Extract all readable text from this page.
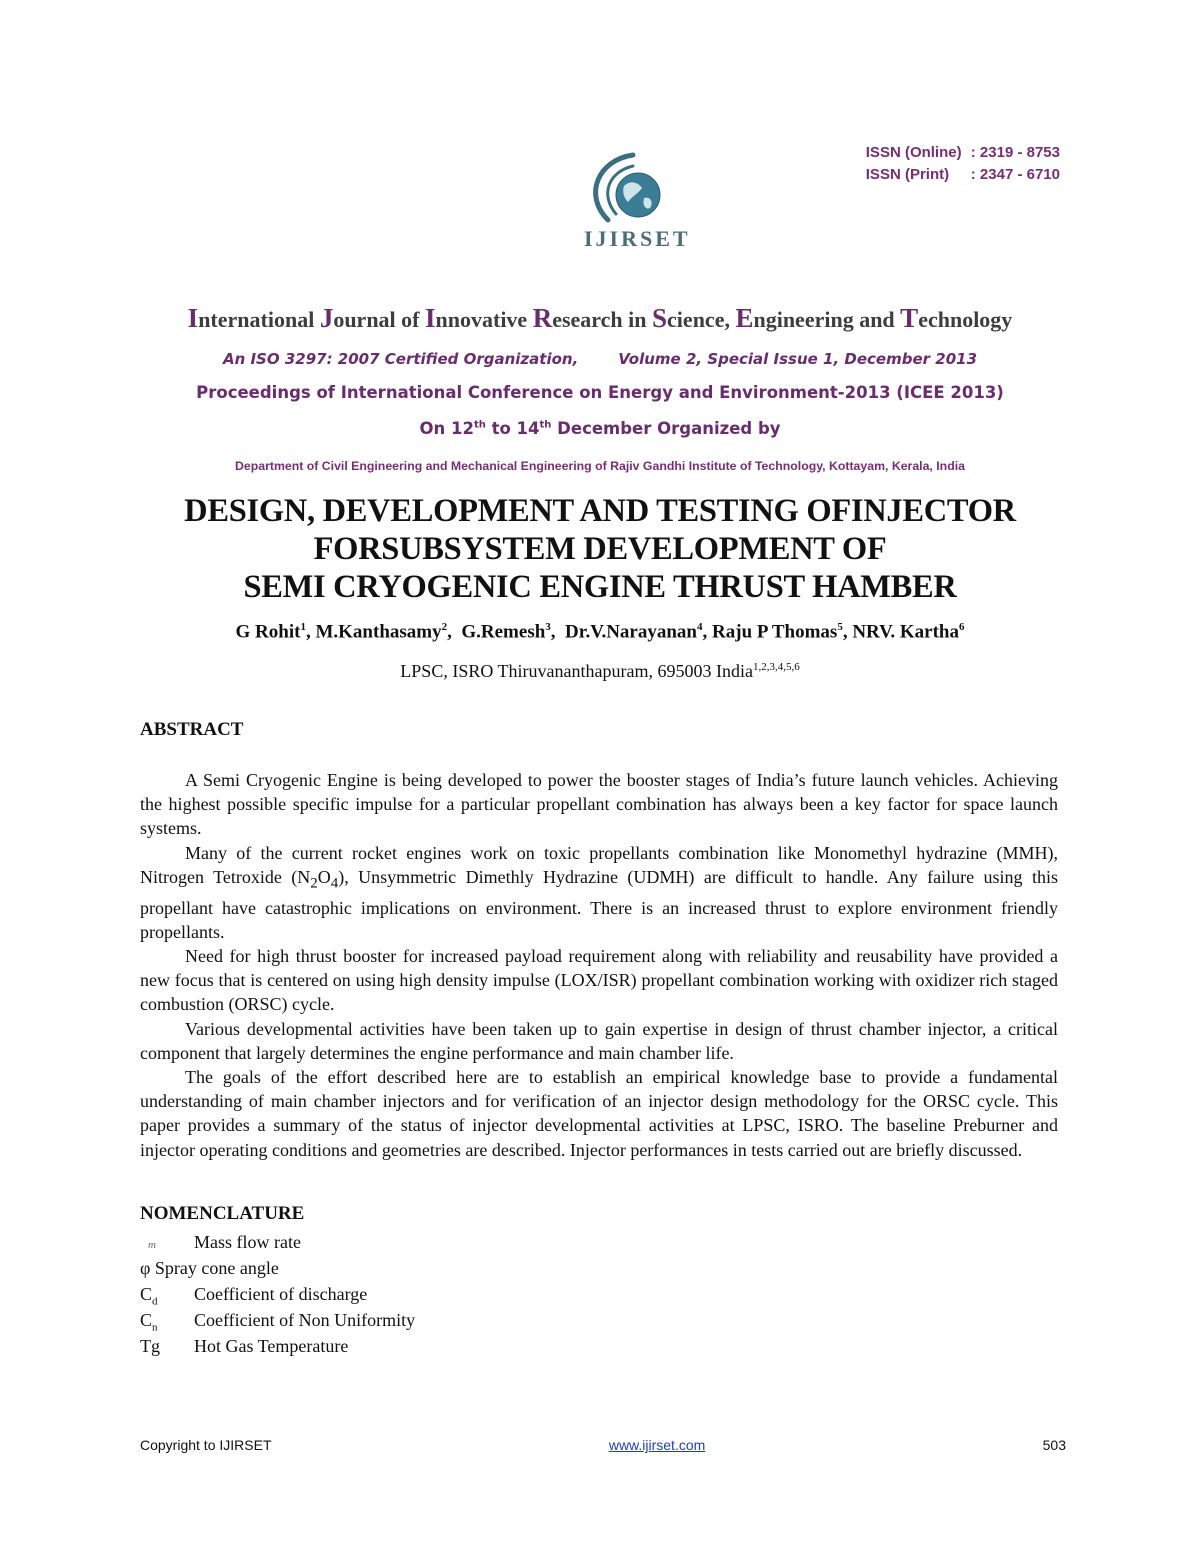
ISSN (Online) : 2319 - 8753
ISSN (Print)	: 2347 - 6710
IJIRSET
International Journal of Innovative Research in Science, Engineering and Technology
An ISO 3297: 2007 Certified Organization,	Volume 2, Special Issue 1, December 2013
Proceedings of International Conference on Energy and Environment-2013 (ICEE 2013)
On 12th to 14th December Organized by
Department of Civil Engineering and Mechanical Engineering of Rajiv Gandhi Institute of Technology, Kottayam, Kerala, India
DESIGN, DEVELOPMENT AND TESTING OFINJECTOR
FORSUBSYSTEM DEVELOPMENT OF
SEMI CRYOGENIC ENGINE THRUST HAMBER
G Rohit$^1$, M.Kanthasamy$^2$,  G.Remesh$^3$,  Dr.V.Narayanan$^4$, Raju P Thomas$^5$, NRV. Kartha$^6$
LPSC, ISRO Thiruvananthapuram, 695003 India$^{1,2,3,4,5,6}$
ABSTRACT

A Semi Cryogenic Engine is being developed to power the booster stages of India’s future launch vehicles. Achieving the highest possible specific impulse for a particular propellant combination has always been a key factor for space launch systems.

Many of the current rocket engines work on toxic propellants combination like Monomethyl hydrazine (MMH), Nitrogen Tetroxide $(N_2O_4)$, Unsymmetric Dimethly Hydrazine (UDMH) are difficult to handle. Any failure using this propellant have catastrophic implications on environment. There is an increased thrust to explore environment friendly propellants.

Need for high thrust booster for increased payload requirement along with reliability and reusability have provided a new focus that is centered on using high density impulse (LOX/ISR) propellant combination working with oxidizer rich staged combustion (ORSC) cycle.

Various developmental activities have been taken up to gain expertise in design of thrust chamber injector, a critical component that largely determines the engine performance and main chamber life.

The goals of the effort described here are to establish an empirical knowledge base to provide a fundamental understanding of main chamber injectors and for verification of an injector design methodology for the ORSC cycle. This paper provides a summary of the status of injector developmental activities at LPSC, ISRO. The baseline Preburner and injector operating conditions and geometries are described. Injector performances in tests carried out are briefly discussed.

NOMENCLATURE
m	Mass flow rate
φ Spray cone angle
$C_d$	Coefficient of discharge
$C_n$	Coefficient of Non Uniformity
Tg	Hot Gas Temperature
Copyright to IJIRSET	www.ijirset.com	503
